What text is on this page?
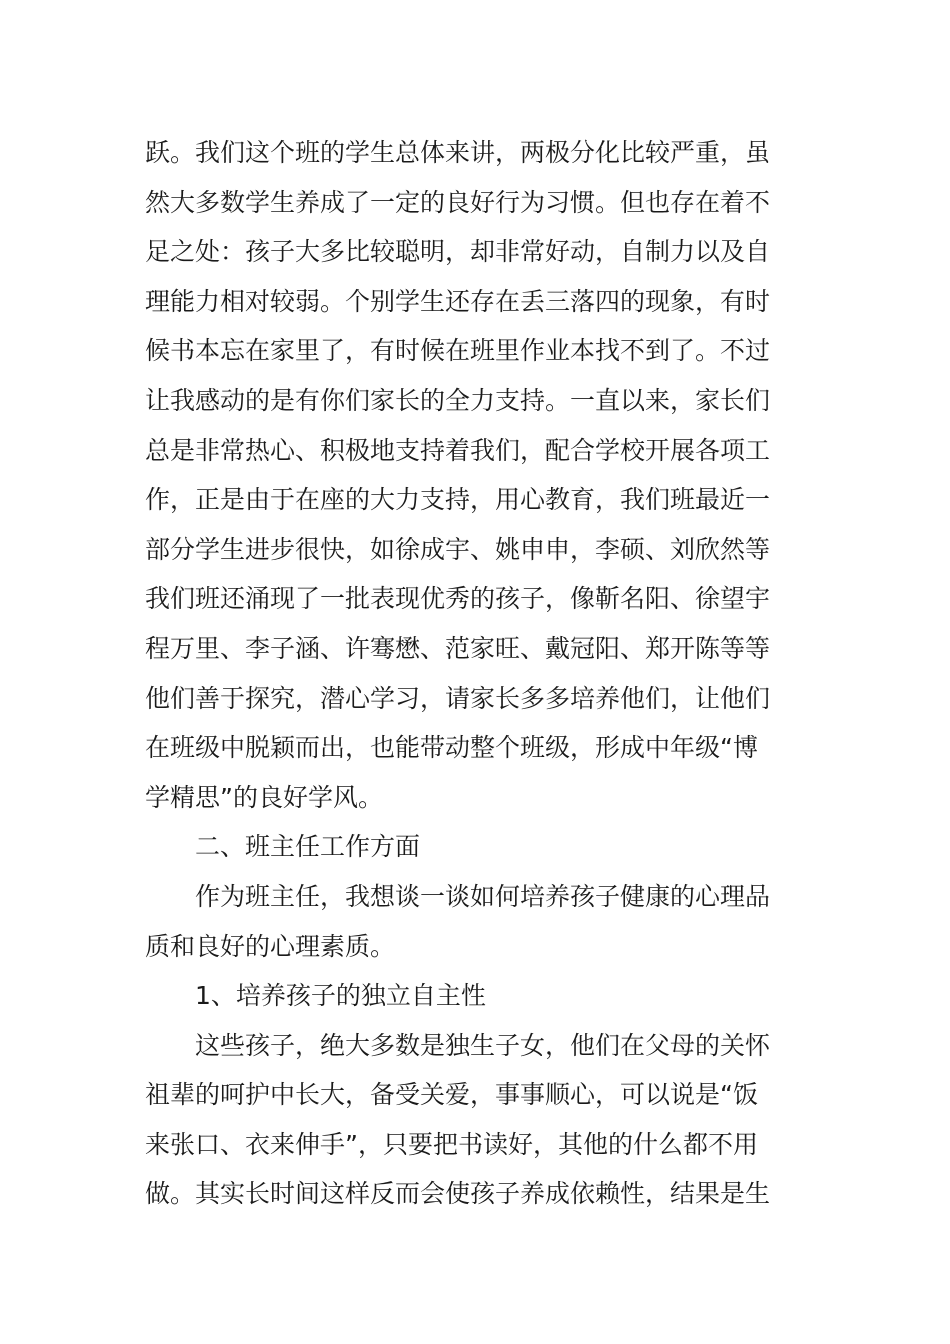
跃。我们这个班的学生总体来讲，两极分化比较严重，虽
然大多数学生养成了一定的良好行为习惯。但也存在着不
足之处：孩子大多比较聪明，却非常好动，自制力以及自
理能力相对较弱。个别学生还存在丢三落四的现象，有时
候书本忘在家里了，有时候在班里作业本找不到了。不过
让我感动的是有你们家长的全力支持。一直以来，家长们
总是非常热心、积极地支持着我们，配合学校开展各项工
作，正是由于在座的大力支持，用心教育，我们班最近一
部分学生进步很快，如徐成宇、姚申申，李硕、刘欣然等
我们班还涌现了一批表现优秀的孩子，像靳名阳、徐望宇
程万里、李子涵、许骞懋、范家旺、戴冠阳、郑开陈等等
他们善于探究，潜心学习，请家长多多培养他们，让他们
在班级中脱颖而出，也能带动整个班级，形成中年级“博
学精思”的良好学风。
二、班主任工作方面
作为班主任，我想谈一谈如何培养孩子健康的心理品
质和良好的心理素质。
1、培养孩子的独立自主性
这些孩子，绝大多数是独生子女，他们在父母的关怀
祖辈的呵护中长大，备受关爱，事事顺心，可以说是“饭
来张口、衣来伸手”，只要把书读好，其他的什么都不用
做。其实长时间这样反而会使孩子养成依赖性，结果是生
